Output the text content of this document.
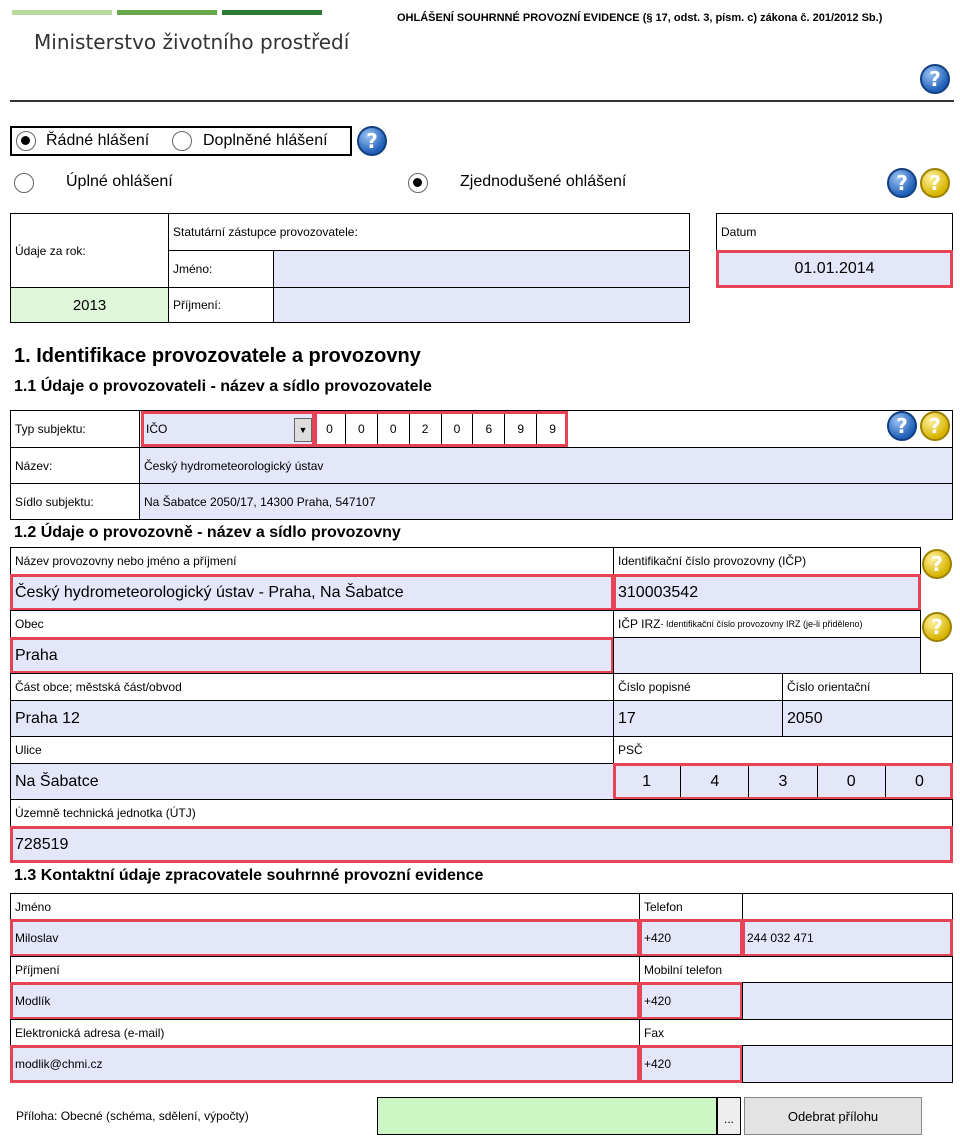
Ministerstvo životního prostředí
OHLÁŠENÍ SOUHRNNÉ PROVOZNÍ EVIDENCE (§ 17, odst. 3, písm. c) zákona č. 201/2012 Sb.)
?
Řádné hlášení	Doplněné hlášení	?
Úplné ohlášení	Zjednodušené ohlášení	?	?
Údaje za rok:
2013
Statutární zástupce provozovatele:
Jméno:
Příjmení:
Datum
01.01.2014
1. Identifikace provozovatele a provozovny
1.1 Údaje o provozovateli - název a sídlo provozovatele
Typ subjektu:	IČO	▼	0	0	0	2	0	6	9	9	?	?
Název:	Český hydrometeorologický ústav
Sídlo subjektu:	Na Šabatce 2050/17, 14300 Praha, 547107
1.2 Údaje o provozovně - název a sídlo provozovny
Název provozovny nebo jméno a příjmení	Identifikační číslo provozovny (IČP)	?
Český hydrometeorologický ústav - Praha, Na Šabatce	310003542
Obec	IČP IRZ - Identifikační číslo provozovny IRZ (je-li přiděleno)	?
Praha
Část obce; městská část/obvod	Číslo popisné	Číslo orientační
Praha 12	17	2050
Ulice	PSČ
Na Šabatce	1	4	3	0	0
Územně technická jednotka (ÚTJ)
728519
1.3 Kontaktní údaje zpracovatele souhrnné provozní evidence
Jméno	Telefon
Miloslav	+420	244 032 471
Příjmení	Mobilní telefon
Modlík	+420
Elektronická adresa (e-mail)	Fax
modlik@chmi.cz	+420
Příloha: Obecné (schéma, sdělení, výpočty)	...	Odebrat přílohu
